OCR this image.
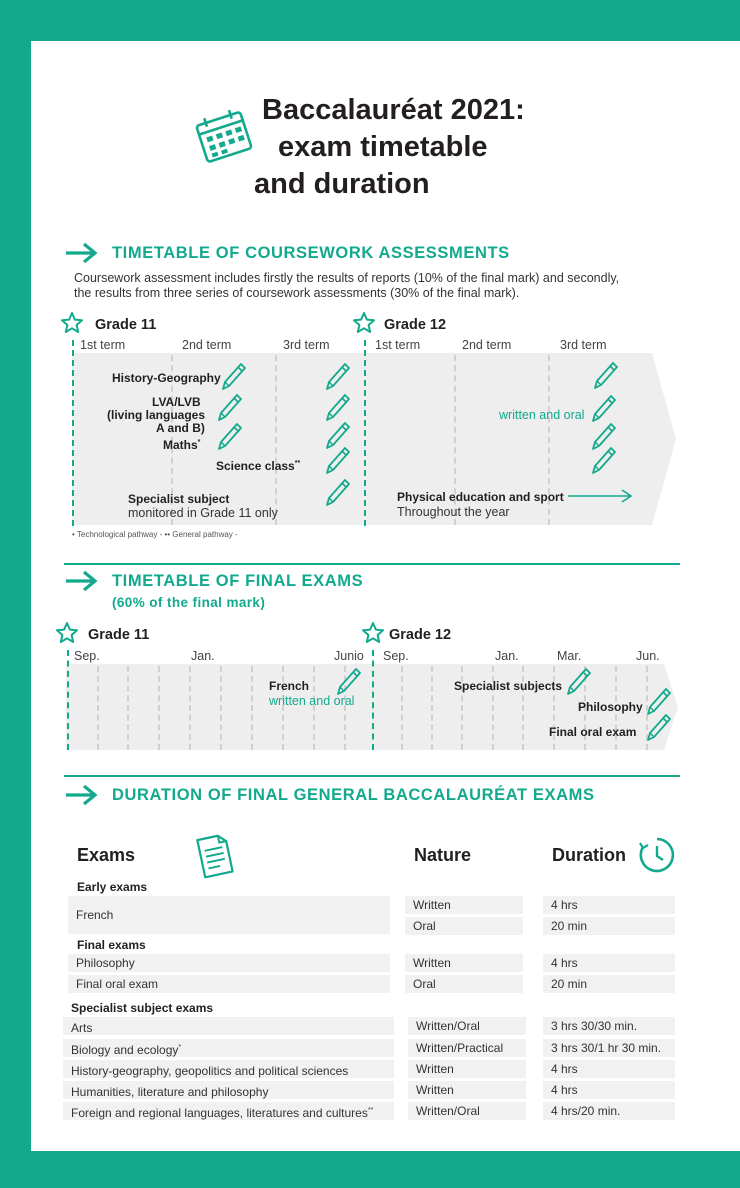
Baccalauréat 2021:
exam timetable
and duration
TIMETABLE OF COURSEWORK ASSESSMENTS
Coursework assessment includes firstly the results of reports (10% of the final mark) and secondly,
the results from three series of coursework assessments (30% of the final mark).
Grade 11	Grade 12
1st term	2nd term	3rd term	1st term	2nd term	3rd term
History-Geography
LVA/LVB
(living languages
A and B)
Maths*
Science class**
Specialist subject
monitored in Grade 11 only
written and oral
Physical education and sport
Throughout the year
• Technological pathway - •• General pathway -
TIMETABLE OF FINAL EXAMS
(60% of the final mark)
Grade 11	Grade 12
Sep.	Jan.	Junio Sep.	Jan.	Mar.	Jun.
French
written and oral
Specialist subjects
Philosophy
Final oral exam
DURATION OF FINAL GENERAL BACCALAURÉAT EXAMS
Exams	Nature	Duration
Early exams
French
Written	4 hrs
Oral	20 min
Final exams
Philosophy	Written	4 hrs
Final oral exam	Oral	20 min
Specialist subject exams
Arts	Written/Oral	3 hrs 30/30 min.
Biology and ecology*	Written/Practical	3 hrs 30/1 hr 30 min.
History-geography, geopolitics and political sciences	Written	4 hrs
Humanities, literature and philosophy	Written	4 hrs
Foreign and regional languages, literatures and cultures**	Written/Oral	4 hrs/20 min.
